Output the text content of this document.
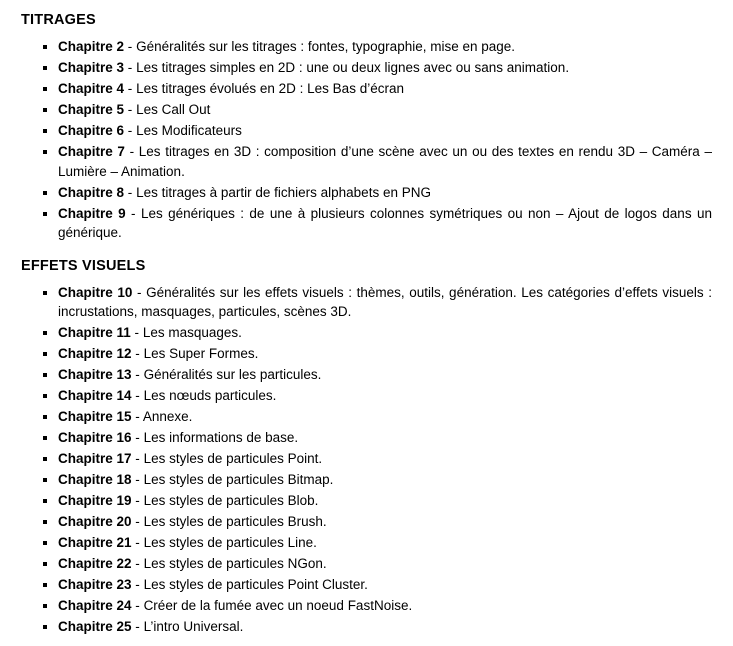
TITRAGES
Chapitre 2 - Généralités sur les titrages : fontes, typographie, mise en page.
Chapitre 3 - Les titrages simples en 2D : une ou deux lignes avec ou sans animation.
Chapitre 4 - Les titrages évolués en 2D : Les Bas d’écran
Chapitre 5 - Les Call Out
Chapitre 6 - Les Modificateurs
Chapitre 7 - Les titrages en 3D : composition d’une scène avec un ou des textes en rendu 3D – Caméra – Lumière – Animation.
Chapitre 8 - Les titrages à partir de fichiers alphabets en PNG
Chapitre 9 - Les génériques : de une à plusieurs colonnes symétriques ou non – Ajout de logos dans un générique.
EFFETS VISUELS
Chapitre 10 - Généralités sur les effets visuels : thèmes, outils, génération. Les catégories d’effets visuels : incrustations, masquages, particules, scènes 3D.
Chapitre 11 - Les masquages.
Chapitre 12 - Les Super Formes.
Chapitre 13 - Généralités sur les particules.
Chapitre 14 - Les nœuds particules.
Chapitre 15 - Annexe.
Chapitre 16 - Les informations de base.
Chapitre 17 - Les styles de particules Point.
Chapitre 18 - Les styles de particules Bitmap.
Chapitre 19 - Les styles de particules Blob.
Chapitre 20 - Les styles de particules Brush.
Chapitre 21 - Les styles de particules Line.
Chapitre 22 - Les styles de particules NGon.
Chapitre 23 - Les styles de particules Point Cluster.
Chapitre 24 - Créer de la fumée avec un noeud FastNoise.
Chapitre 25 - L’intro Universal.
